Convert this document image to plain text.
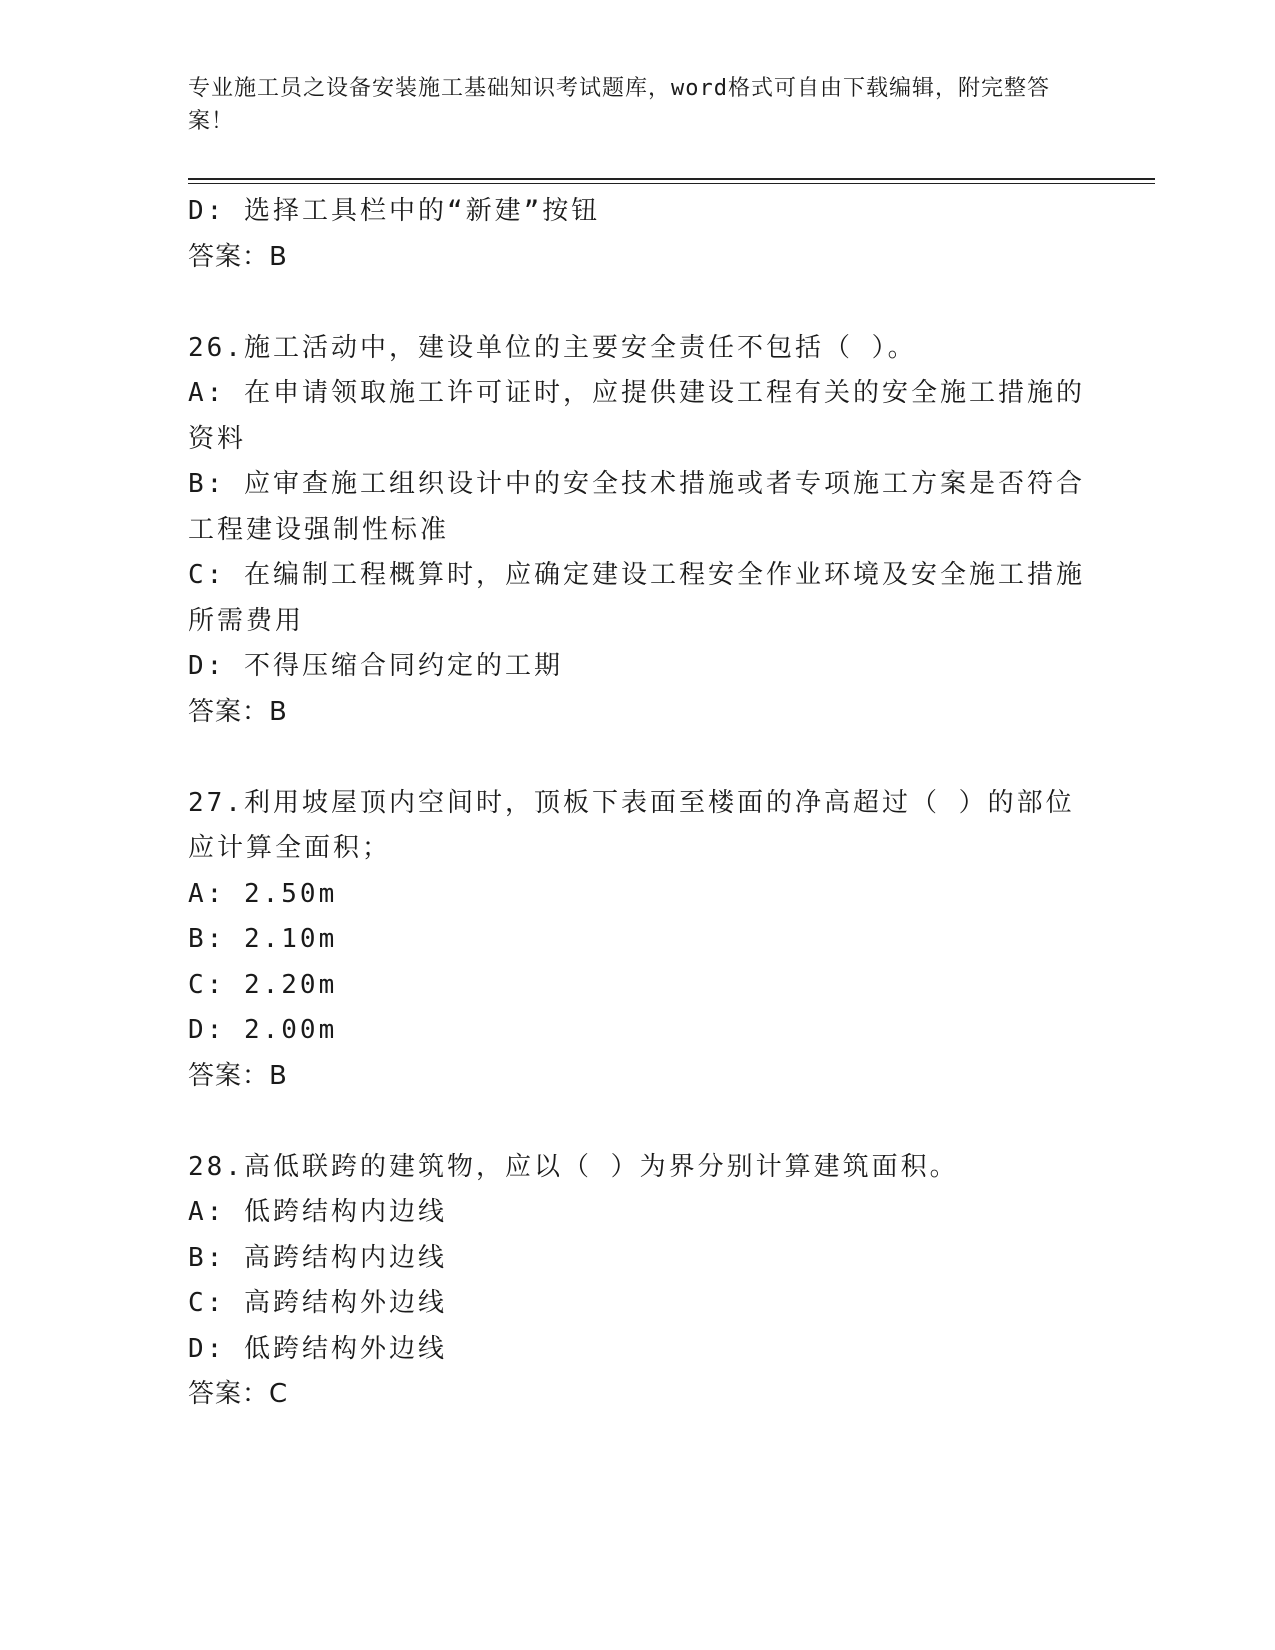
专业施工员之设备安装施工基础知识考试题库，word格式可自由下载编辑，附完整答案！
D: 选择工具栏中的“新建”按钮
答案：B
26.施工活动中，建设单位的主要安全责任不包括（ ）。
A: 在申请领取施工许可证时，应提供建设工程有关的安全施工措施的
资料
B: 应审查施工组织设计中的安全技术措施或者专项施工方案是否符合
工程建设强制性标准
C: 在编制工程概算时，应确定建设工程安全作业环境及安全施工措施
所需费用
D: 不得压缩合同约定的工期
答案：B
27.利用坡屋顶内空间时，顶板下表面至楼面的净高超过（ ）的部位
应计算全面积；
A: 2.50m
B: 2.10m
C: 2.20m
D: 2.00m
答案：B
28.高低联跨的建筑物，应以（ ）为界分别计算建筑面积。
A: 低跨结构内边线
B: 高跨结构内边线
C: 高跨结构外边线
D: 低跨结构外边线
答案：C
